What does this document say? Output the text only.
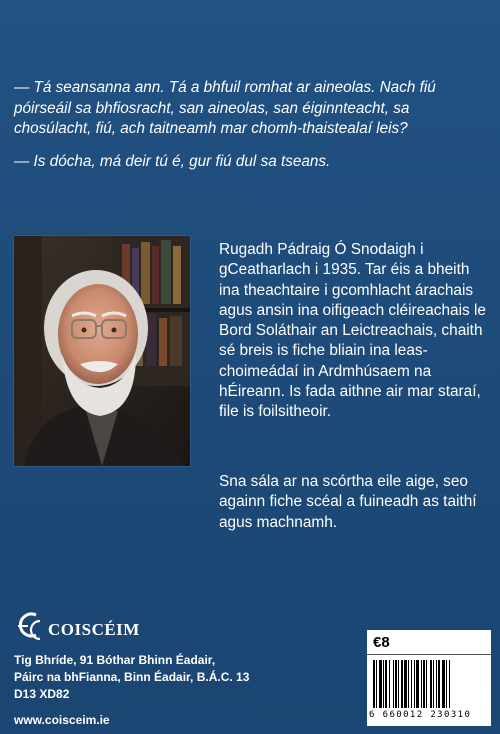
— Tá seansanna ann. Tá a bhfuil romhat ar aineolas. Nach fiú póirseáil sa bhfiosracht, san aineolas, san éiginnteacht, sa chosúlacht, fiú, ach taitneamh mar chomh-thaistealaí leis?

— Is dócha, má deir tú é, gur fiú dul sa tseans.

Rugadh Pádraig Ó Snodaigh i gCeatharlach i 1935. Tar éis a bheith ina theachtaire i gcomhlacht árachais agus ansin ina oifigeach cléireachais le Bord Soláthair an Leictreachais, chaith sé breis is fiche bliain ina leas-choimeádaí in Ardmhúsaem na hÉireann. Is fada aithne air mar staraí, file is foilsitheoir.

Sna sála ar na scórtha eile aige, seo againn fiche scéal a fuineadh as taithí agus machnamh.

COISCÉIM
Tig Bhríde, 91 Bóthar Bhinn Éadair,
Páirc na bhFianna, Binn Éadair, B.Á.C. 13
D13 XD82
www.coisceim.ie
€8
6 660012 230310
